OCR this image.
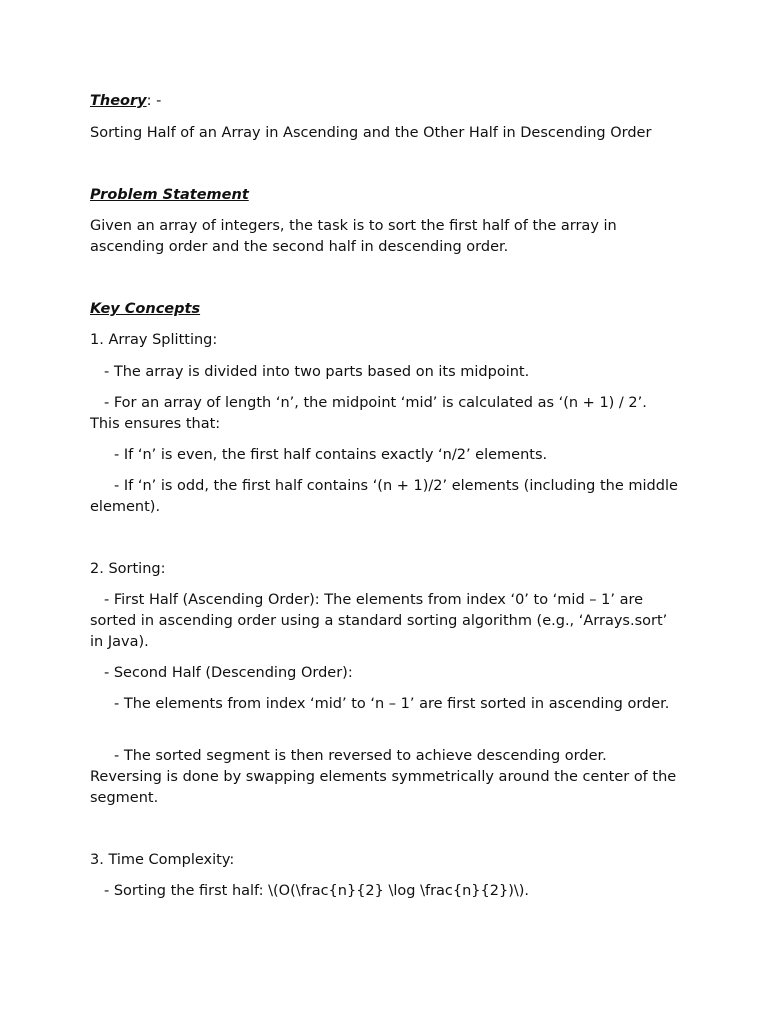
Theory: -
Sorting Half of an Array in Ascending and the Other Half in Descending Order
Problem Statement
Given an array of integers, the task is to sort the first half of the array in ascending order and the second half in descending order.
Key Concepts
1. Array Splitting:
- The array is divided into two parts based on its midpoint.
- For an array of length ‘n’, the midpoint ‘mid’ is calculated as ‘(n + 1) / 2’. This ensures that:
- If ‘n’ is even, the first half contains exactly ‘n/2’ elements.
- If ‘n’ is odd, the first half contains ‘(n + 1)/2’ elements (including the middle element).
2. Sorting:
- First Half (Ascending Order): The elements from index ‘0’ to ‘mid – 1’ are sorted in ascending order using a standard sorting algorithm (e.g., ‘Arrays.sort’ in Java).
- Second Half (Descending Order):
- The elements from index ‘mid’ to ‘n – 1’ are first sorted in ascending order.
- The sorted segment is then reversed to achieve descending order. Reversing is done by swapping elements symmetrically around the center of the segment.
3. Time Complexity:
- Sorting the first half: \(O(\frac{n}{2} \log \frac{n}{2})\).
